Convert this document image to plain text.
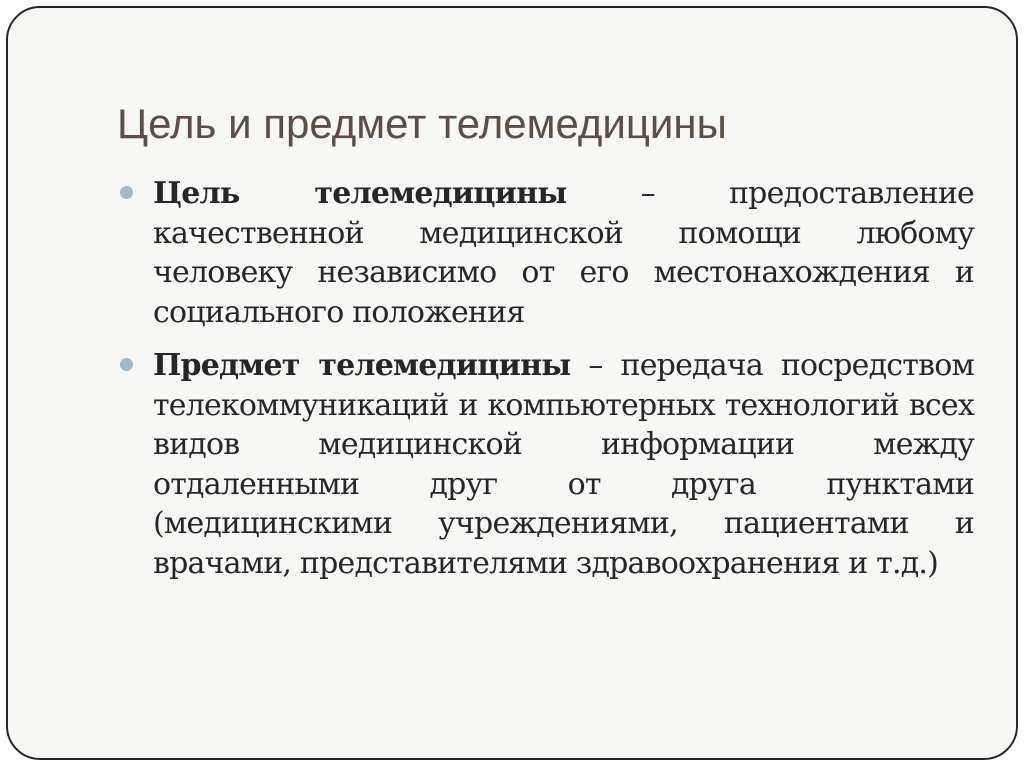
Цель и предмет телемедицины
Цель телемедицины – предоставление качественной медицинской помощи любому человеку независимо от его местонахождения и социального положения
Предмет телемедицины – передача посредством телекоммуникаций и компьютерных технологий всех видов медицинской информации между отдаленными друг от друга пунктами (медицинскими учреждениями, пациентами и врачами, представителями здравоохранения и т.д.)
